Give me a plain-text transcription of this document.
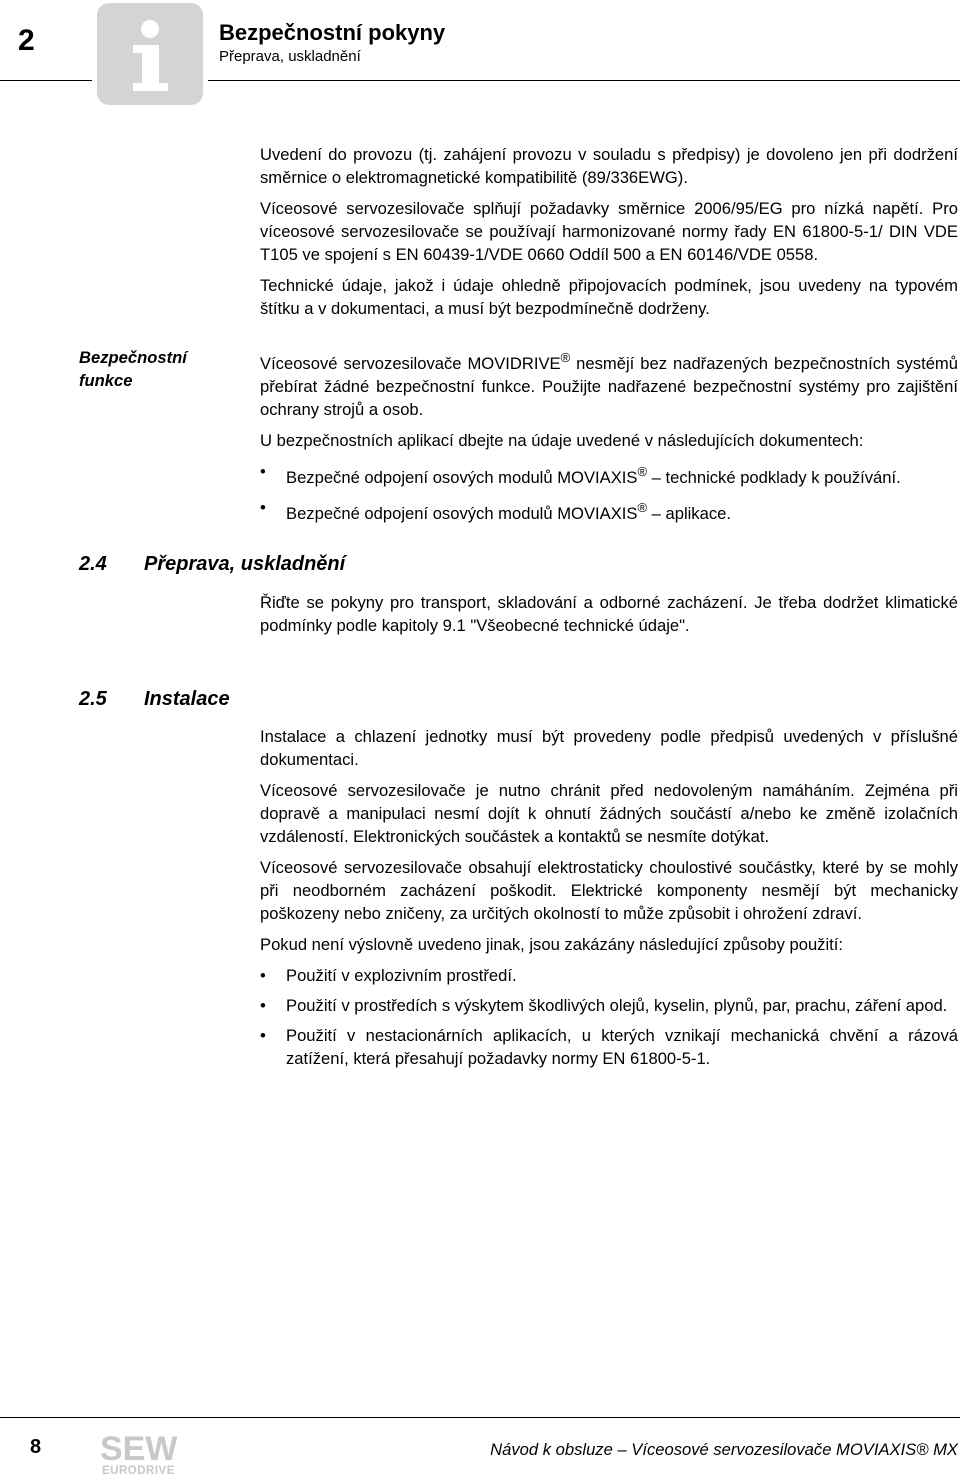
2	Bezpečnostní pokyny
Přeprava, uskladnění

Uvedení do provozu (tj. zahájení provozu v souladu s předpisy) je dovoleno jen při dodržení směrnice o elektromagnetické kompatibilitě (89/336EWG).

Víceosové servozesilovače splňují požadavky směrnice 2006/95/EG pro nízká napětí. Pro víceosové servozesilovače se používají harmonizované normy řady EN 61800-5-1/ DIN VDE T105 ve spojení s EN 60439-1/VDE 0660 Oddíl 500 a EN 60146/VDE 0558.

Technické údaje, jakož i údaje ohledně připojovacích podmínek, jsou uvedeny na typovém štítku a v dokumentaci, a musí být bezpodmínečně dodrženy.

Bezpečnostní
funkce

Víceosové servozesilovače MOVIDRIVE® nesmějí bez nadřazených bezpečnostních systémů přebírat žádné bezpečnostní funkce. Použijte nadřazené bezpečnostní systémy pro zajištění ochrany strojů a osob.

U bezpečnostních aplikací dbejte na údaje uvedené v následujících dokumentech:

• Bezpečné odpojení osových modulů MOVIAXIS® – technické podklady k používání.
• Bezpečné odpojení osových modulů MOVIAXIS® – aplikace.
2.4 Přeprava, uskladnění

Řiďte se pokyny pro transport, skladování a odborné zacházení. Je třeba dodržet klimatické podmínky podle kapitoly 9.1 "Všeobecné technické údaje".

2.5 Instalace

Instalace a chlazení jednotky musí být provedeny podle předpisů uvedených v příslušné dokumentaci.

Víceosové servozesilovače je nutno chránit před nedovoleným namáháním. Zejména při dopravě a manipulaci nesmí dojít k ohnutí žádných součástí a/nebo ke změně izolačních vzdáleností. Elektronických součástek a kontaktů se nesmíte dotýkat.

Víceosové servozesilovače obsahují elektrostaticky choulostivé součástky, které by se mohly při neodborném zacházení poškodit. Elektrické komponenty nesmějí být mechanicky poškozeny nebo zničeny, za určitých okolností to může způsobit i ohrožení zdraví.

Pokud není výslovně uvedeno jinak, jsou zakázány následující způsoby použití:

• Použití v explozivním prostředí.
• Použití v prostředích s výskytem škodlivých olejů, kyselin, plynů, par, prachu, záření apod.
• Použití v nestacionárních aplikacích, u kterých vznikají mechanická chvění a rázová zatížení, která přesahují požadavky normy EN 61800-5-1.
8 SEW
EURODRIVE
Návod k obsluze – Víceosové servozesilovače MOVIAXIS® MX
